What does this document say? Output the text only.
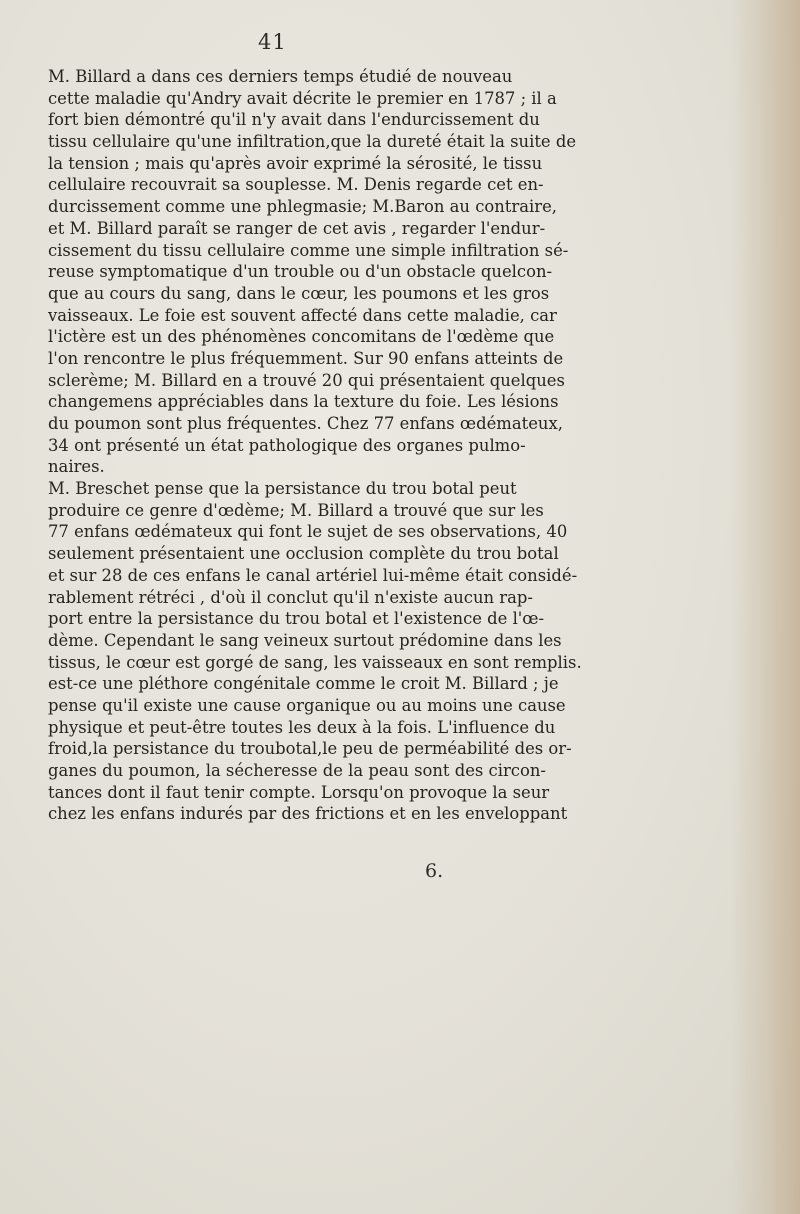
41
M. Billard a dans ces derniers temps étudié de nouveau
cette maladie qu'Andry avait décrite le premier en 1787 ; il a
fort bien démontré qu'il n'y avait dans l'endurcissement du
tissu cellulaire qu'une infiltration,que la dureté était la suite de
la tension ; mais qu'après avoir exprimé la sérosité, le tissu
cellulaire recouvrait sa souplesse. M. Denis regarde cet en-
durcissement comme une phlegmasie; M.Baron au contraire,
et M. Billard paraît se ranger de cet avis , regarder l'endur-
cissement du tissu cellulaire comme une simple infiltration sé-
reuse symptomatique d'un trouble ou d'un obstacle quelcon-
que au cours du sang, dans le cœur, les poumons et les gros
vaisseaux. Le foie est souvent affecté dans cette maladie, car
l'ictère est un des phénomènes concomitans de l'œdème que
l'on rencontre le plus fréquemment. Sur 90 enfans atteints de
sclerème; M. Billard en a trouvé 20 qui présentaient quelques
changemens appréciables dans la texture du foie. Les lésions
du poumon sont plus fréquentes. Chez 77 enfans œdémateux,
34 ont présenté un état pathologique des organes pulmo-
naires.
M. Breschet pense que la persistance du trou botal peut
produire ce genre d'œdème; M. Billard a trouvé que sur les
77 enfans œdémateux qui font le sujet de ses observations, 40
seulement présentaient une occlusion complète du trou botal
et sur 28 de ces enfans le canal artériel lui-même était considé-
rablement rétréci , d'où il conclut qu'il n'existe aucun rap-
port entre la persistance du trou botal et l'existence de l'œ-
dème. Cependant le sang veineux surtout prédomine dans les
tissus, le cœur est gorgé de sang, les vaisseaux en sont remplis.
est-ce une pléthore congénitale comme le croit M. Billard ; je
pense qu'il existe une cause organique ou au moins une cause
physique et peut-être toutes les deux à la fois. L'influence du
froid,la persistance du troubotal,le peu de perméabilité des or-
ganes du poumon, la sécheresse de la peau sont des circon-
tances dont il faut tenir compte. Lorsqu'on provoque la seur
chez les enfans indurés par des frictions et en les enveloppant
6.
